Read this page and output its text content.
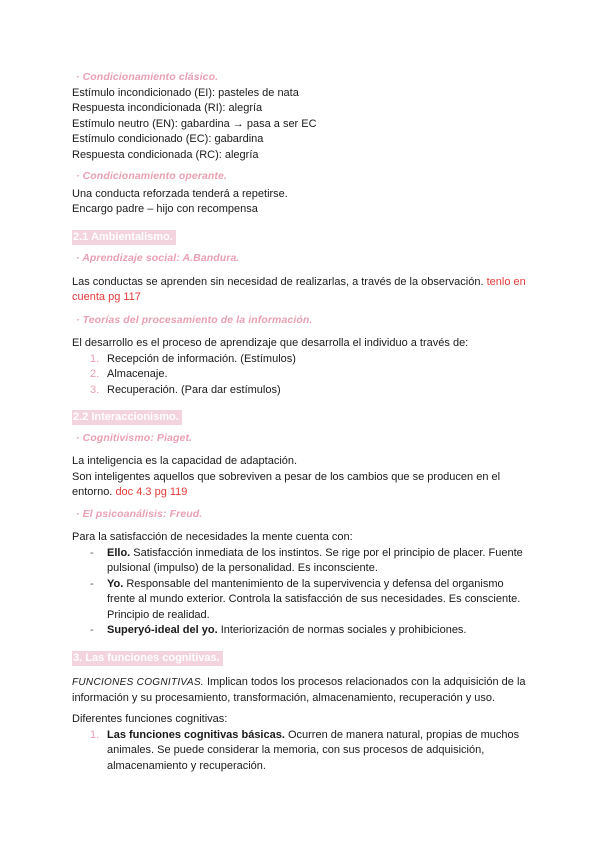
· Condicionamiento clásico.
Estímulo incondicionado (EI): pasteles de nata
Respuesta incondicionada (RI): alegría
Estímulo neutro (EN): gabardina → pasa a ser EC
Estímulo condicionado (EC): gabardina
Respuesta condicionada (RC): alegría
· Condicionamiento operante.
Una conducta reforzada tenderá a repetirse.
Encargo padre – hijo con recompensa
2.1 Ambientalismo.
· Aprendizaje social: A.Bandura.
Las conductas se aprenden sin necesidad de realizarlas, a través de la observación. tenlo en cuenta pg 117
· Teorías del procesamiento de la información.
El desarrollo es el proceso de aprendizaje que desarrolla el individuo a través de:
1. Recepción de información. (Estímulos)
2. Almacenaje.
3. Recuperación. (Para dar estímulos)
2.2 Interaccionismo.
· Cognitivismo: Piaget.
La inteligencia es la capacidad de adaptación.
Son inteligentes aquellos que sobreviven a pesar de los cambios que se producen en el entorno. doc 4.3 pg 119
· El psicoanálisis: Freud.
Para la satisfacción de necesidades la mente cuenta con:
-	Ello. Satisfacción inmediata de los instintos. Se rige por el principio de placer. Fuente pulsional (impulso) de la personalidad. Es inconsciente.
-	Yo. Responsable del mantenimiento de la supervivencia y defensa del organismo frente al mundo exterior. Controla la satisfacción de sus necesidades. Es consciente. Principio de realidad.
-	Superyó-ideal del yo. Interiorización de normas sociales y prohibiciones.
3. Las funciones cognitivas.
FUNCIONES COGNITIVAS. Implican todos los procesos relacionados con la adquisición de la información y su procesamiento, transformación, almacenamiento, recuperación y uso.
Diferentes funciones cognitivas:
1. Las funciones cognitivas básicas. Ocurren de manera natural, propias de muchos animales. Se puede considerar la memoria, con sus procesos de adquisición, almacenamiento y recuperación.
